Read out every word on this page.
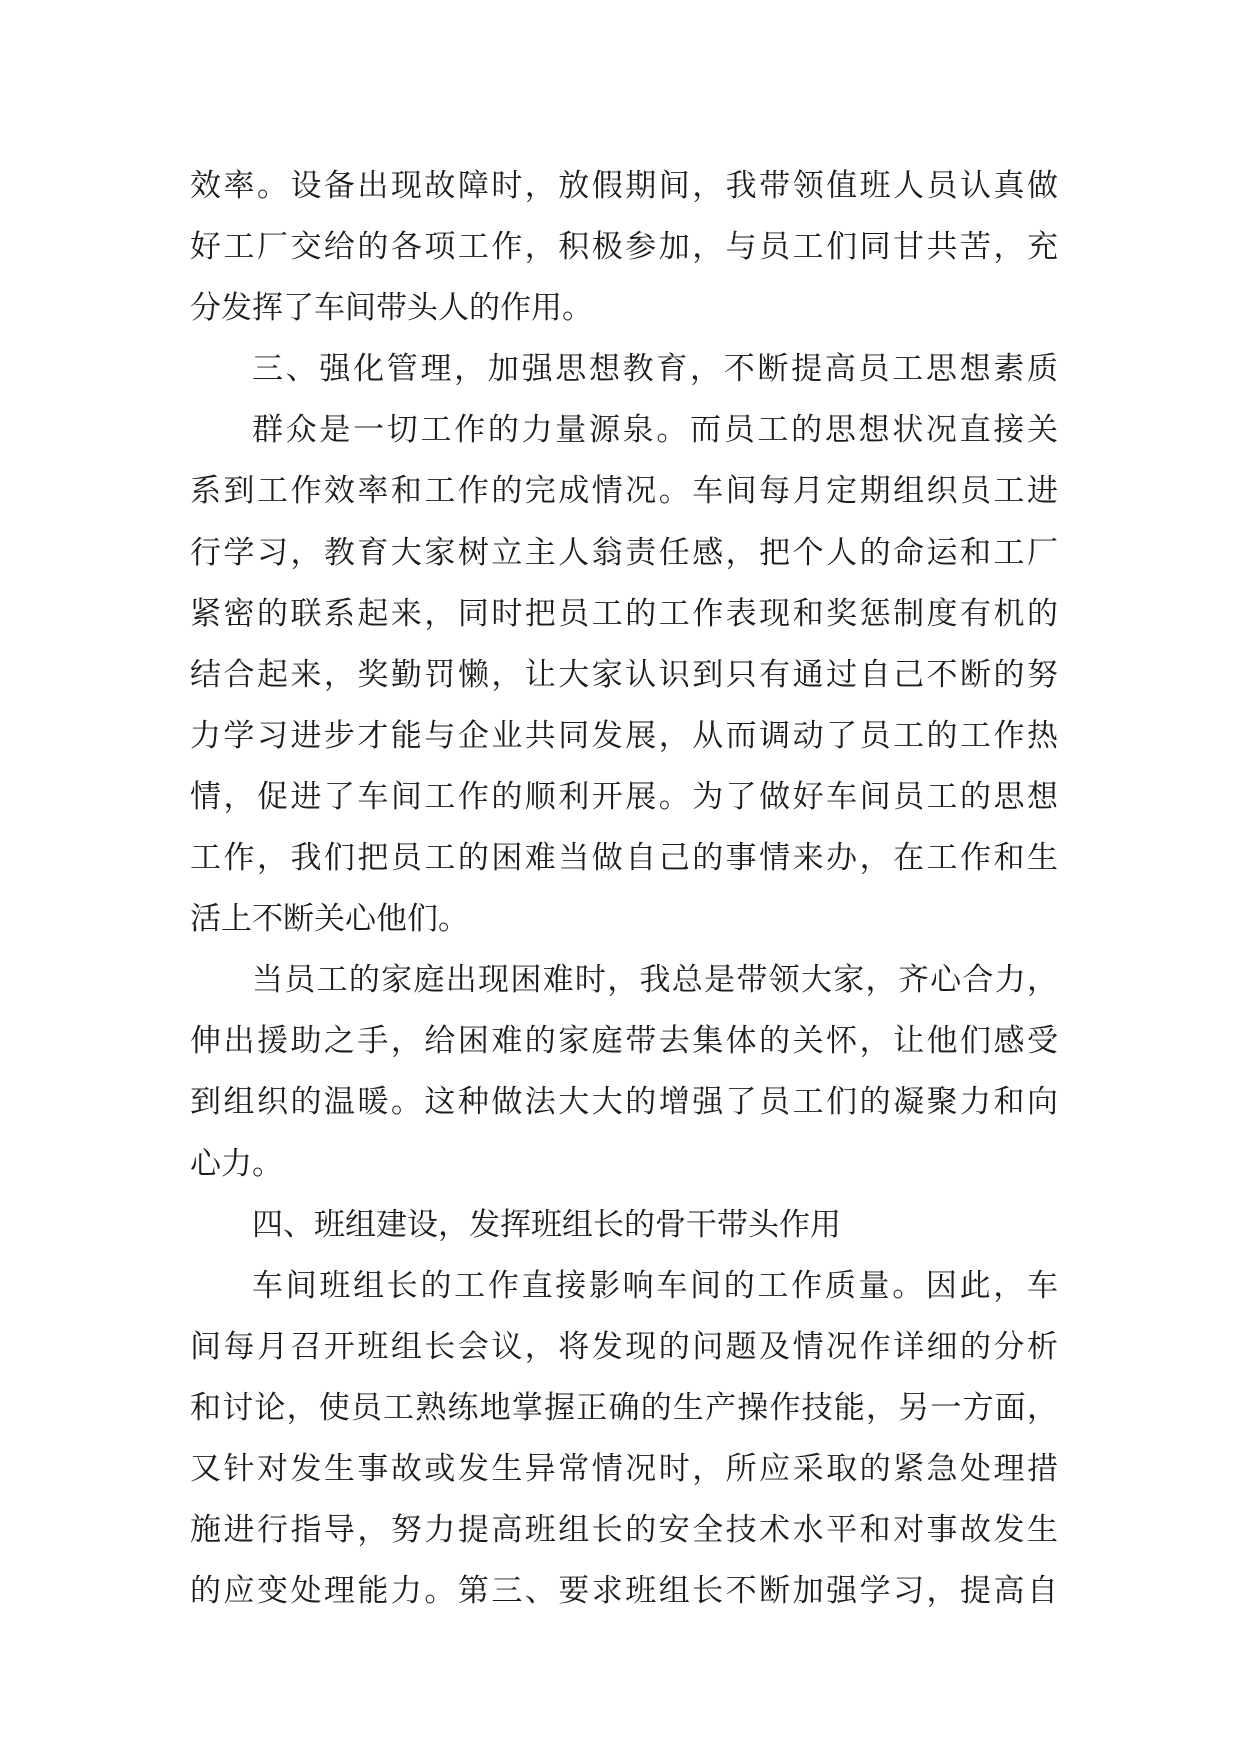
效率。设备出现故障时，放假期间，我带领值班人员认真做
好工厂交给的各项工作，积极参加，与员工们同甘共苦，充
分发挥了车间带头人的作用。
三、强化管理，加强思想教育，不断提高员工思想素质
群众是一切工作的力量源泉。而员工的思想状况直接关
系到工作效率和工作的完成情况。车间每月定期组织员工进
行学习，教育大家树立主人翁责任感，把个人的命运和工厂
紧密的联系起来，同时把员工的工作表现和奖惩制度有机的
结合起来，奖勤罚懒，让大家认识到只有通过自己不断的努
力学习进步才能与企业共同发展，从而调动了员工的工作热
情，促进了车间工作的顺利开展。为了做好车间员工的思想
工作，我们把员工的困难当做自己的事情来办，在工作和生
活上不断关心他们。
当员工的家庭出现困难时，我总是带领大家，齐心合力，
伸出援助之手，给困难的家庭带去集体的关怀，让他们感受
到组织的温暖。这种做法大大的增强了员工们的凝聚力和向
心力。
四、班组建设，发挥班组长的骨干带头作用
车间班组长的工作直接影响车间的工作质量。因此，车
间每月召开班组长会议，将发现的问题及情况作详细的分析
和讨论，使员工熟练地掌握正确的生产操作技能，另一方面，
又针对发生事故或发生异常情况时，所应采取的紧急处理措
施进行指导，努力提高班组长的安全技术水平和对事故发生
的应变处理能力。第三、要求班组长不断加强学习，提高自
